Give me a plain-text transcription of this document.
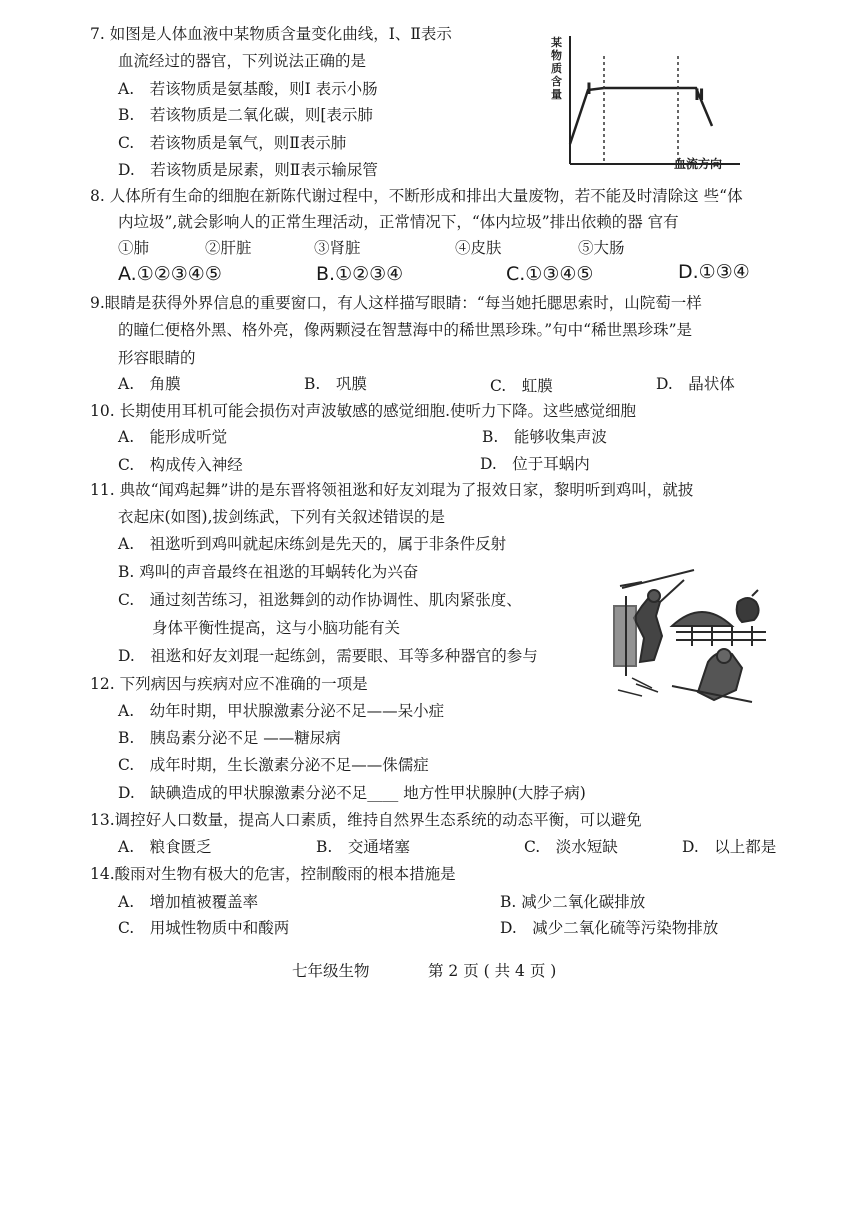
7. 如图是人体血液中某物质含量变化曲线，Ⅰ、Ⅱ表示
血流经过的器官，下列说法正确的是
A.　若该物质是氨基酸，则Ⅰ 表示小肠
B.　若该物质是二氧化碳，则[表示肺
C.　若该物质是氧气，则Ⅱ表示肺
D.　若该物质是尿素，则Ⅱ表示输尿管
某物质含量 Ⅰ	Ⅱ
血流方向
8. 人体所有生命的细胞在新陈代谢过程中，不断形成和排出大量废物，若不能及时清除这 些“体
内垃圾”,就会影响人的正常生理活动，正常情况下，“体内垃圾”排出依赖的器 官有
①肺	②肝脏	③肾脏	④皮肤	⑤大肠
A.①②③④⑤	B.①②③④	C.①③④⑤	D.①③④
9.眼睛是获得外界信息的重要窗口，有人这样描写眼睛：“每当她托腮思索时，山院萄一样
的瞳仁便格外黑、格外亮，像两颗浸在智慧海中的稀世黑珍珠。”句中“稀世黑珍珠”是
形容眼睛的
A.　角膜	B.　巩膜	C.　虹膜	D.　晶状体
10. 长期使用耳机可能会损伤对声波敏感的感觉细胞.使听力下降。这些感觉细胞
A.　能形成听觉	B.　能够收集声波
C.　构成传入神经	D.　位于耳蜗内
11. 典故“闻鸡起舞”讲的是东晋将领祖逖和好友刘琨为了报效日家，黎明听到鸡叫，就披
衣起床(如图),拔剑练武，下列有关叙述错误的是
A.　祖逖听到鸡叫就起床练剑是先天的，属于非条件反射
B. 鸡叫的声音最终在祖逖的耳蜗转化为兴奋
C.　通过刻苦练习，祖逖舞剑的动作协调性、肌肉紧张度、
身体平衡性提高，这与小脑功能有关
D.　祖逖和好友刘琨一起练剑，需要眼、耳等多种器官的参与
12. 下列病因与疾病对应不准确的一项是
A.　幼年时期，甲状腺激素分泌不足——呆小症
B.　胰岛素分泌不足 ——糖尿病
C.　成年时期，生长激素分泌不足——侏儒症
D.　缺碘造成的甲状腺激素分泌不足____ 地方性甲状腺肿(大脖子病)
13.调控好人口数量，提高人口素质，维持自然界生态系统的动态平衡，可以避免
A.　粮食匮乏	B.　交通堵塞	C.　淡水短缺	D.　以上都是
14.酸雨对生物有极大的危害，控制酸雨的根本措施是
A.　增加植被覆盖率	B. 减少二氧化碳排放
C.　用城性物质中和酸两	D.　减少二氧化硫等污染物排放
七年级生物	第 2 页 ( 共 4 页 )
